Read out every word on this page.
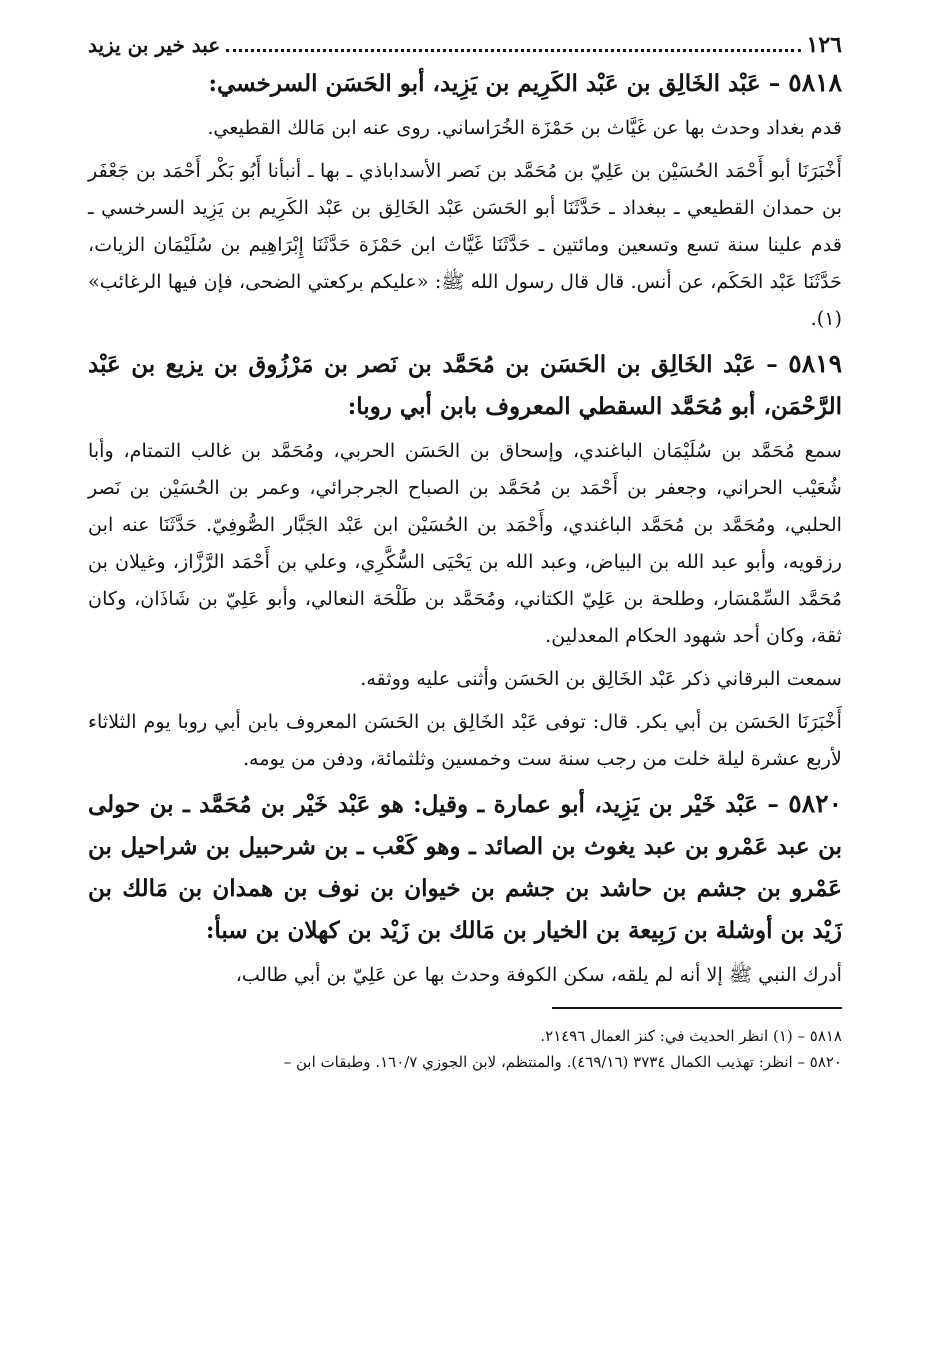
١٢٦
عبد خير بن يزيد

٥٨١٨ – عَبْد الخَالِق بن عَبْد الكَرِيم بن يَزِيد، أبو الحَسَن السرخسي:

قدم بغداد وحدث بها عن غَيَّاث بن حَمْزَة الخُرَاساني. روى عنه ابن مَالك القطيعي.

أَخْبَرَنَا أبو أَحْمَد الحُسَيْن بن عَلِيّ بن مُحَمَّد بن نَصر الأسداباذي ـ بها ـ أنبأنا أَبُو بَكْر أَحْمَد بن جَعْفَر بن حمدان القطيعي ـ ببغداد ـ حَدَّثَنَا أبو الحَسَن عَبْد الخَالِق بن عَبْد الكَرِيم بن يَزِيد السرخسي ـ قدم علينا سنة تسع وتسعين ومائتين ـ حَدَّثَنَا غَيَّاث ابن حَمْزَة حَدَّثَنَا إِبْرَاهِيم بن سُلَيْمَان الزيات، حَدَّثَنَا عَبْد الحَكَم، عن أنس. قال قال رسول الله ﷺ: «عليكم بركعتي الضحى، فإن فيها الرغائب» (١).

٥٨١٩ – عَبْد الخَالِق بن الحَسَن بن مُحَمَّد بن نَصر بن مَرْزُوق بن يزيع بن عَبْد الرَّحْمَن، أبو مُحَمَّد السقطي المعروف بابن أبي روبا:

سمع مُحَمَّد بن سُلَيْمَان الباغندي، وإسحاق بن الحَسَن الحربي، ومُحَمَّد بن غالب التمتام، وأبا شُعَيْب الحراني، وجعفر بن أَحْمَد بن مُحَمَّد بن الصباح الجرجرائي، وعمر بن الحُسَيْن بن نَصر الحلبي، ومُحَمَّد بن مُحَمَّد الباغندي، وأَحْمَد بن الحُسَيْن ابن عَبْد الجَبَّار الصُّوفِيّ. حَدَّثَنَا عنه ابن رزقويه، وأبو عبد الله بن البياض، وعبد الله بن يَحْيَى السُّكَّرِي، وعلي بن أَحْمَد الرَّزَّاز، وغيلان بن مُحَمَّد السِّمْسَار، وطلحة بن عَلِيّ الكتاني، ومُحَمَّد بن طَلْحَة النعالي، وأبو عَلِيّ بن شَاذَان، وكان ثقة، وكان أحد شهود الحكام المعدلين.

سمعت البرقاني ذكر عَبْد الخَالِق بن الحَسَن وأثنى عليه ووثقه.

أَخْبَرَنَا الحَسَن بن أبي بكر. قال: توفى عَبْد الخَالِق بن الحَسَن المعروف بابن أبي روبا يوم الثلاثاء لأربع عشرة ليلة خلت من رجب سنة ست وخمسين وثلثمائة، ودفن من يومه.

٥٨٢٠ – عَبْد خَيْر بن يَزِيد، أبو عمارة ـ وقيل: هو عَبْد خَيْر بن مُحَمَّد ـ بن حولى بن عبد عَمْرو بن عبد يغوث بن الصائد ـ وهو كَعْب ـ بن شرحبيل بن شراحيل بن عَمْرو بن جشم بن حاشد بن جشم بن خيوان بن نوف بن همدان بن مَالك بن زَيْد بن أوشلة بن رَبِيعة بن الخيار بن مَالك بن زَيْد بن كهلان بن سبأ:

أدرك النبي ﷺ إلا أنه لم يلقه، سكن الكوفة وحدث بها عن عَلِيّ بن أبي طالب،

٥٨١٨ – (١) انظر الحديث في: كنز العمال ٢١٤٩٦.

٥٨٢٠ – انظر: تهذيب الكمال ٣٧٣٤ (٤٦٩/١٦). والمنتظم، لابن الجوزي ١٦٠/٧. وطبقات ابن –
